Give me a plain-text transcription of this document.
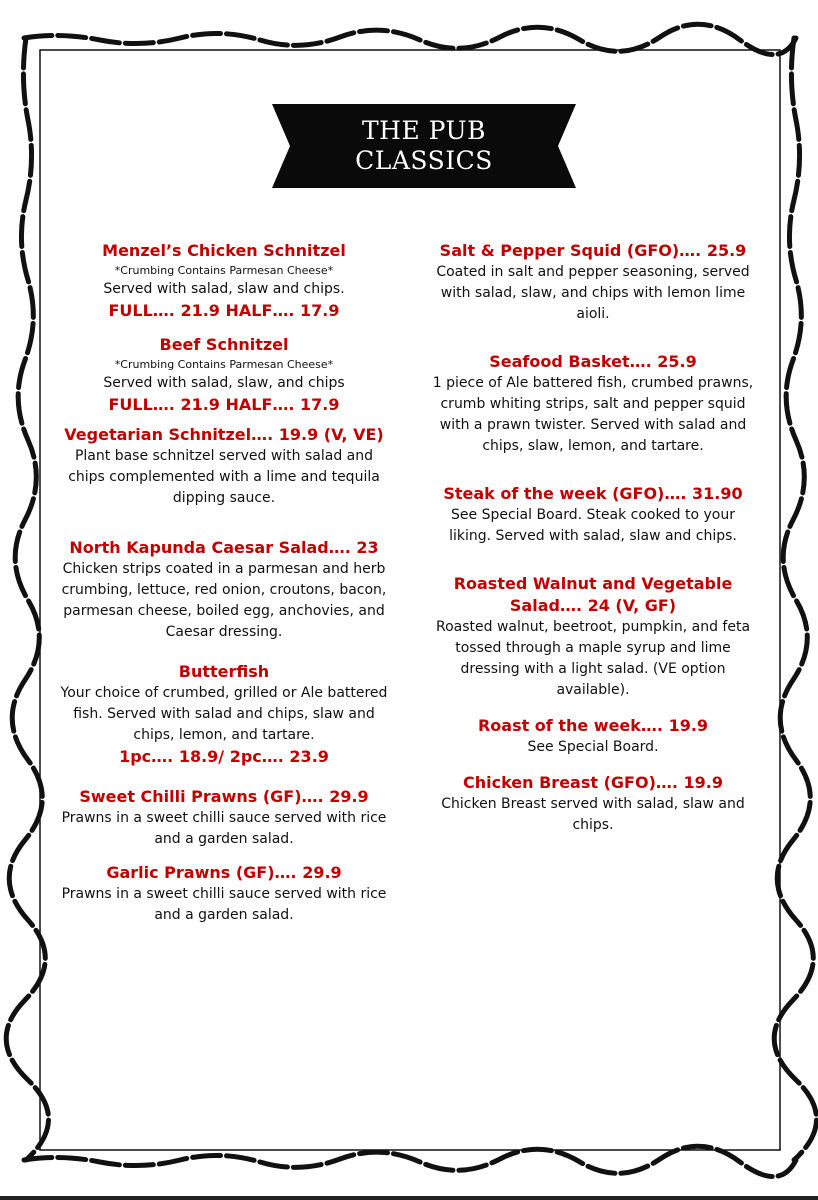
THE PUB
CLASSICS
Menzel’s Chicken Schnitzel
*Crumbing Contains Parmesan Cheese*
Served with salad, slaw and chips.
FULL…. 21.9 HALF…. 17.9
Beef Schnitzel
*Crumbing Contains Parmesan Cheese*
Served with salad, slaw, and chips
FULL…. 21.9 HALF…. 17.9
Vegetarian Schnitzel…. 19.9 (V, VE)
Plant base schnitzel served with salad and chips complemented with a lime and tequila dipping sauce.
North Kapunda Caesar Salad…. 23
Chicken strips coated in a parmesan and herb crumbing, lettuce, red onion, croutons, bacon, parmesan cheese, boiled egg, anchovies, and Caesar dressing.
Butterfish
Your choice of crumbed, grilled or Ale battered fish. Served with salad and chips, slaw and chips, lemon, and tartare.
1pc…. 18.9/ 2pc…. 23.9
Sweet Chilli Prawns (GF)…. 29.9
Prawns in a sweet chilli sauce served with rice and a garden salad.
Garlic Prawns (GF)…. 29.9
Prawns in a sweet chilli sauce served with rice and a garden salad.
Salt & Pepper Squid (GFO)…. 25.9
Coated in salt and pepper seasoning, served with salad, slaw, and chips with lemon lime aioli.
Seafood Basket…. 25.9
1 piece of Ale battered fish, crumbed prawns, crumb whiting strips, salt and pepper squid with a prawn twister. Served with salad and chips, slaw, lemon, and tartare.
Steak of the week (GFO)…. 31.90
See Special Board. Steak cooked to your liking. Served with salad, slaw and chips.
Roasted Walnut and Vegetable Salad…. 24 (V, GF)
Roasted walnut, beetroot, pumpkin, and feta tossed through a maple syrup and lime dressing with a light salad. (VE option available).
Roast of the week…. 19.9
See Special Board.
Chicken Breast (GFO)…. 19.9
Chicken Breast served with salad, slaw and chips.
